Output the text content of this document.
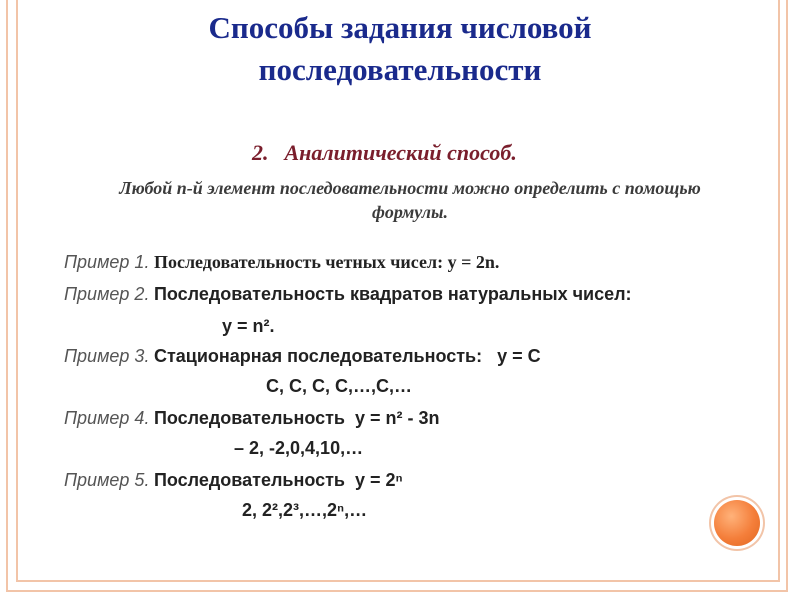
Способы задания числовой
последовательности
2. Аналитический способ.
Любой n-й элемент последовательности можно определить с помощью формулы.
Пример 1. Последовательность четных чисел: y = 2n.
Пример 2. Последовательность квадратов натуральных чисел:
y = n².
Пример 3. Стационарная последовательность:   y = C
C, C, C, C,…,C,…
Пример 4. Последовательность  y = n² - 3n
– 2, -2,0,4,10,…
Пример 5. Последовательность  y = 2ⁿ
2, 2²,2³,…,2ⁿ,…
